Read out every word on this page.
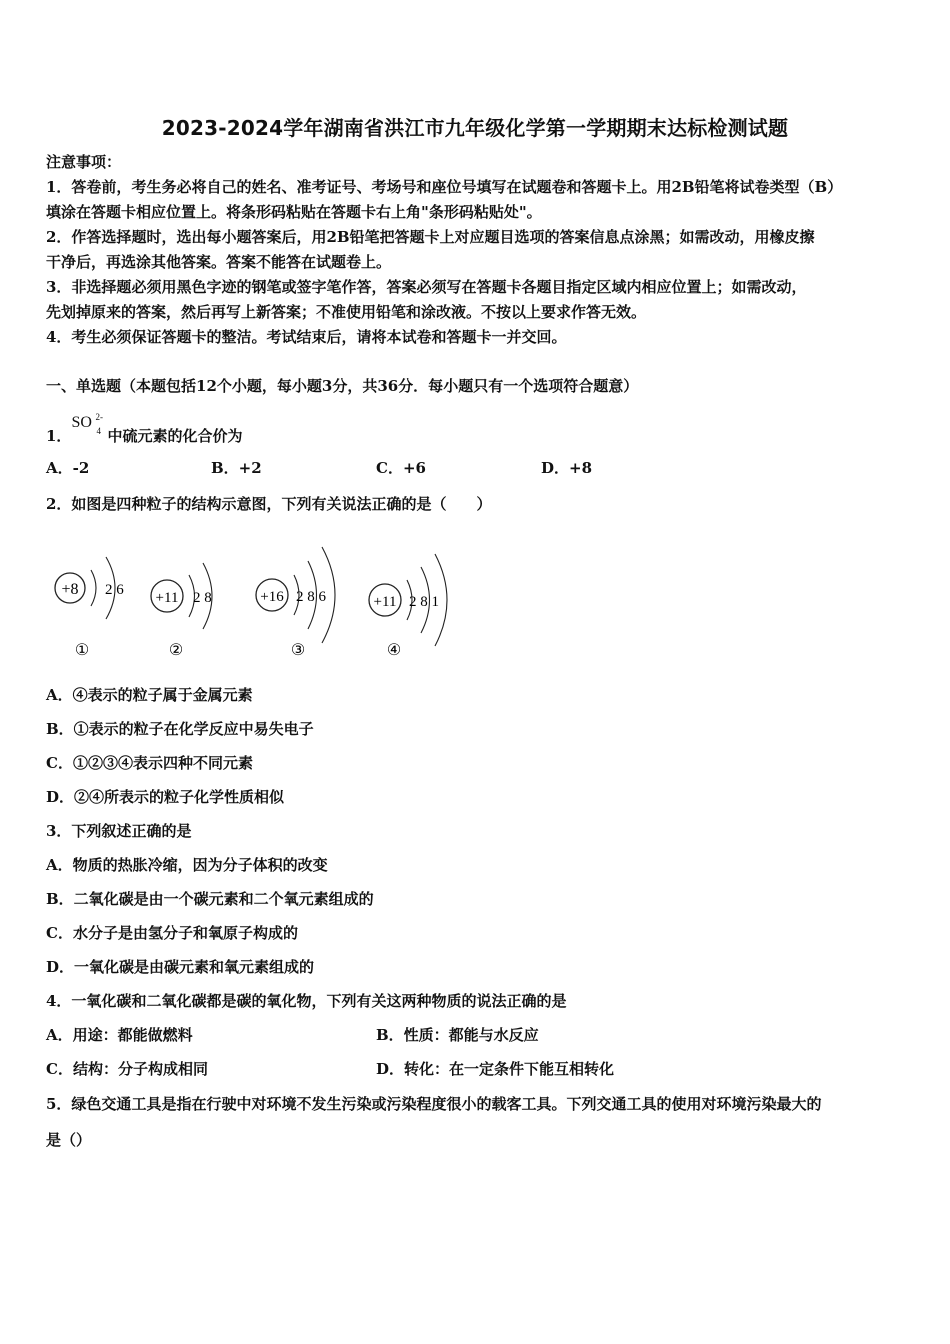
2023-2024学年湖南省洪江市九年级化学第一学期期末达标检测试题
注意事项：
1．答卷前，考生务必将自己的姓名、准考证号、考场号和座位号填写在试题卷和答题卡上。用2B铅笔将试卷类型（B）
填涂在答题卡相应位置上。将条形码粘贴在答题卡右上角"条形码粘贴处"。
2．作答选择题时，选出每小题答案后，用2B铅笔把答题卡上对应题目选项的答案信息点涂黑；如需改动，用橡皮擦
干净后，再选涂其他答案。答案不能答在试题卷上。
3．非选择题必须用黑色字迹的钢笔或签字笔作答，答案必须写在答题卡各题目指定区域内相应位置上；如需改动，
先划掉原来的答案，然后再写上新答案；不准使用铅笔和涂改液。不按以上要求作答无效。
4．考生必须保证答题卡的整洁。考试结束后，请将本试卷和答题卡一并交回。
一、单选题（本题包括12个小题，每小题3分，共36分．每小题只有一个选项符合题意）
1．
SO 2-
4 中硫元素的化合价为
A．-2	B．+2	C．+6	D．+8
2．如图是四种粒子的结构示意图，下列有关说法正确的是（　　）
+8 2 6
①
+11 2 8
②
+16 2 8 6
③
+11 2 8 1
④
A．④表示的粒子属于金属元素
B．①表示的粒子在化学反应中易失电子
C．①②③④表示四种不同元素
D．②④所表示的粒子化学性质相似
3．下列叙述正确的是
A．物质的热胀冷缩，因为分子体积的改变
B．二氧化碳是由一个碳元素和二个氧元素组成的
C．水分子是由氢分子和氧原子构成的
D．一氧化碳是由碳元素和氧元素组成的
4．一氧化碳和二氧化碳都是碳的氧化物，下列有关这两种物质的说法正确的是
A．用途：都能做燃料	B．性质：都能与水反应
C．结构：分子构成相同	D．转化：在一定条件下能互相转化
5．绿色交通工具是指在行驶中对环境不发生污染或污染程度很小的载客工具。下列交通工具的使用对环境污染最大的
是（）
